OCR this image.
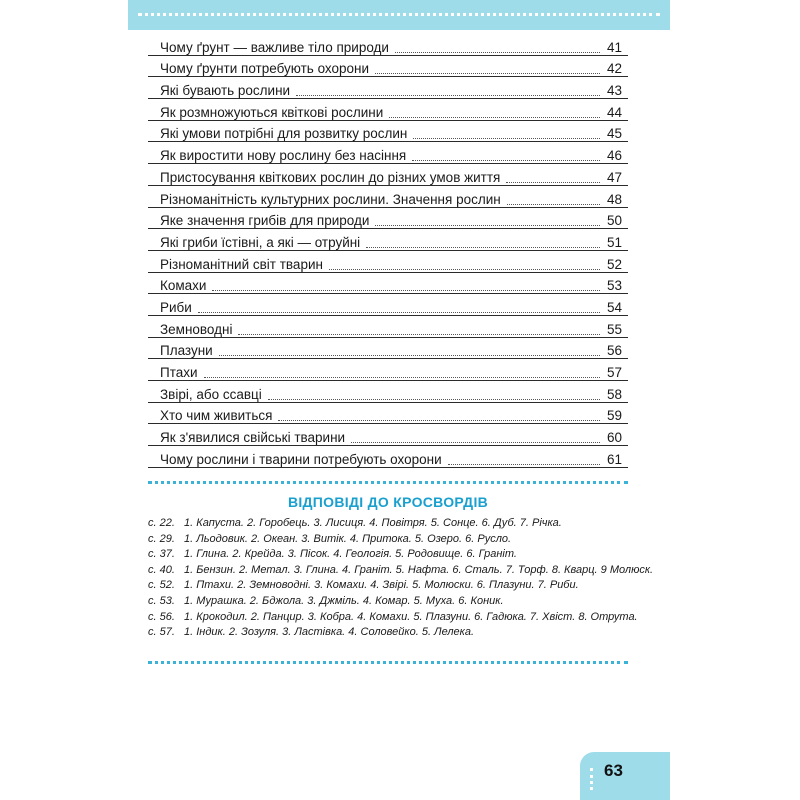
Чому ґрунт — важливе тіло природи	41
Чому ґрунти потребують охорони	42
Які бувають рослини	43
Як розмножуються квіткові рослини	44
Які умови потрібні для розвитку рослин	45
Як виростити нову рослину без насіння	46
Пристосування квіткових рослин до різних умов життя	47
Різноманітність культурних рослини. Значення рослин	48
Яке значення грибів для природи	50
Які гриби їстівні, а які — отруйні	51
Різноманітний світ тварин	52
Комахи	53
Риби	54
Земноводні	55
Плазуни	56
Птахи	57
Звірі, або ссавці	58
Хто чим живиться	59
Як з'явилися свійські тварини	60
Чому рослини і тварини потребують охорони	61
ВІДПОВІДІ ДО КРОСВОРДІВ
с. 22. 1. Капуста. 2. Горобець. 3. Лисиця. 4. Повітря. 5. Сонце. 6. Дуб. 7. Річка.
с. 29. 1. Льодовик. 2. Океан. 3. Витік. 4. Притока. 5. Озеро. 6. Русло.
с. 37. 1. Глина. 2. Крейда. 3. Пісок. 4. Геологія. 5. Родовище. 6. Граніт.
с. 40. 1. Бензин. 2. Метал. 3. Глина. 4. Граніт. 5. Нафта. 6. Сталь. 7. Торф. 8. Кварц. 9 Молюск.
с. 52. 1. Птахи. 2. Земноводні. 3. Комахи. 4. Звірі. 5. Молюски. 6. Плазуни. 7. Риби.
с. 53. 1. Мурашка. 2. Бджола. 3. Джміль. 4. Комар. 5. Муха. 6. Коник.
с. 56. 1. Крокодил. 2. Панцир. 3. Кобра. 4. Комахи. 5. Плазуни. 6. Гадюка. 7. Хвіст. 8. Отрута.
с. 57. 1. Індик. 2. Зозуля. 3. Ластівка. 4. Соловейко. 5. Лелека.
63
